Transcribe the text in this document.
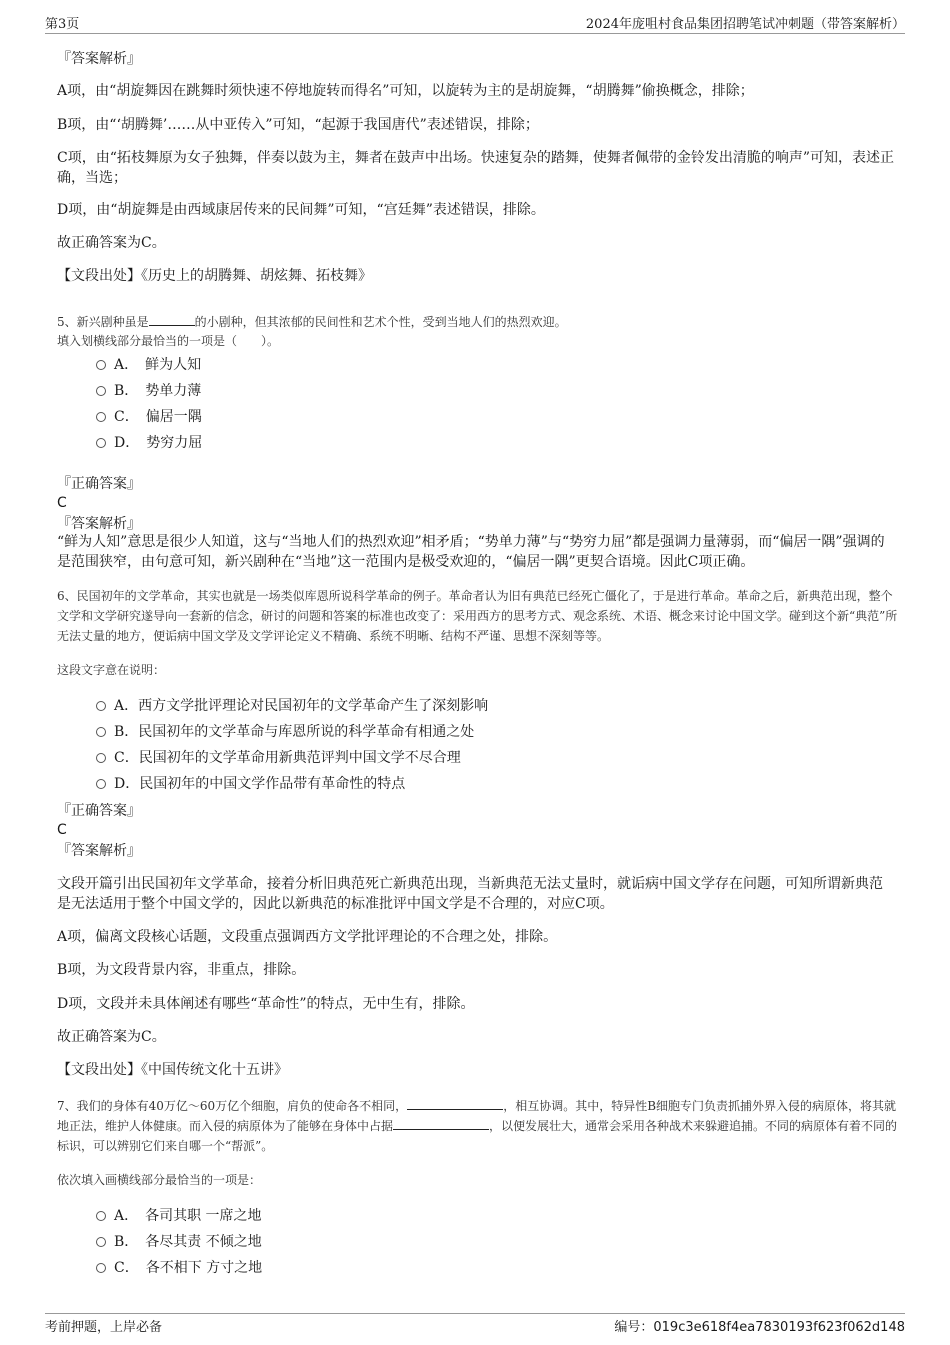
第3页	2024年庞咀村食品集团招聘笔试冲刺题（带答案解析）
『答案解析』
A项，由“胡旋舞因在跳舞时须快速不停地旋转而得名”可知，以旋转为主的是胡旋舞，“胡腾舞”偷换概念，排除；
B项，由“‘胡腾舞’……从中亚传入”可知，“起源于我国唐代”表述错误，排除；
C项，由“拓枝舞原为女子独舞，伴奏以鼓为主，舞者在鼓声中出场。快速复杂的踏舞，使舞者佩带的金铃发出清脆的响声”可知，表述正确，当选；
D项，由“胡旋舞是由西域康居传来的民间舞”可知，“宫廷舞”表述错误，排除。
故正确答案为C。
【文段出处】《历史上的胡腾舞、胡炫舞、拓枝舞》
5、新兴剧种虽是	的小剧种，但其浓郁的民间性和艺术个性，受到当地人们的热烈欢迎。
填入划横线部分最恰当的一项是（　　）。
A．　鲜为人知
B．　势单力薄
C．　偏居一隅
D．　势穷力屈
『正确答案』
C
『答案解析』
“鲜为人知”意思是很少人知道，这与“当地人们的热烈欢迎”相矛盾；“势单力薄”与“势穷力屈”都是强调力量薄弱，而“偏居一隅”强调的是范围狭窄，由句意可知，新兴剧种在“当地”这一范围内是极受欢迎的，“偏居一隅”更契合语境。因此C项正确。
6、民国初年的文学革命，其实也就是一场类似库恩所说科学革命的例子。革命者认为旧有典范已经死亡僵化了，于是进行革命。革命之后，新典范出现，整个文学和文学研究遂导向一套新的信念，研讨的问题和答案的标准也改变了：采用西方的思考方式、观念系统、术语、概念来讨论中国文学。碰到这个新“典范”所无法丈量的地方，便诟病中国文学及文学评论定义不精确、系统不明晰、结构不严谨、思想不深刻等等。
这段文字意在说明：
A．西方文学批评理论对民国初年的文学革命产生了深刻影响
B．民国初年的文学革命与库恩所说的科学革命有相通之处
C．民国初年的文学革命用新典范评判中国文学不尽合理
D．民国初年的中国文学作品带有革命性的特点
『正确答案』
C
『答案解析』
文段开篇引出民国初年文学革命，接着分析旧典范死亡新典范出现，当新典范无法丈量时，就诟病中国文学存在问题，可知所谓新典范是无法适用于整个中国文学的，因此以新典范的标准批评中国文学是不合理的，对应C项。
A项，偏离文段核心话题，文段重点强调西方文学批评理论的不合理之处，排除。
B项，为文段背景内容，非重点，排除。
D项，文段并未具体阐述有哪些“革命性”的特点，无中生有，排除。
故正确答案为C。
【文段出处】《中国传统文化十五讲》
7、我们的身体有40万亿～60万亿个细胞，肩负的使命各不相同，	，相互协调。其中，特异性B细胞专门负责抓捕外界入侵的病原体，将其就地正法，维护人体健康。而入侵的病原体为了能够在身体中占据	，以便发展壮大，通常会采用各种战术来躲避追捕。不同的病原体有着不同的标识，可以辨别它们来自哪一个“帮派”。
依次填入画横线部分最恰当的一项是：
A．　各司其职 一席之地
B．　各尽其责 不倾之地
C．　各不相下 方寸之地
考前押题，上岸必备	编号：019c3e618f4ea7830193f623f062d148
